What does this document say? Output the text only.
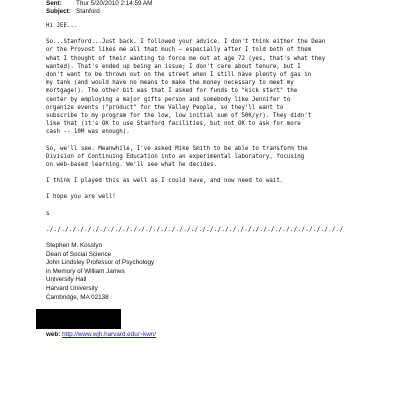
Sent:	Thur 5/20/2010 2:14:59 AM
Subject: Stanford

Hi JEE...

So...Stanford...Just back. I followed your advice. I don't think either the Dean
or the Provost likes me all that much – especially after I told both of them
what I thought of their wanting to force me out at age 72 (yes, that's what they
wanted). That's ended up being an issue; I don't care about tenure, but I
don't want to be thrown out on the street when I still have plenty of gas in
my tank (and would have no means to make the money necessary to meet my
mortgage!). The other bit was that I asked for funds to "kick start" the
center by employing a major gifts person and somebody like Jennifer to
organize events ("product" for the Valley People, so they'll want to
subscribe to my program for the low, low initial sum of 50K/yr). They didn't
like that (it's OK to use Stanford facilities, but not OK to ask for more
cash -- 10M was enough).

So, we'll see. Meanwhile, I've asked Mike Smith to be able to transform the
Division of Continuing Education into an experimental laboratory, focusing
on web-based learning. We'll see what he decides.

I think I played this as well as I could have, and now need to wait.

I hope you are well!

s

./././././././././././././././././././././././././././././././././././././././
Stephen M. Kosslyn
Dean of Social Science
John Lindsley Professor of Psychology
in Memory of William James
University Hall
Harvard University
Cambridge, MA 02138
web: http://www.wjh.harvard.edu/~kwn/
